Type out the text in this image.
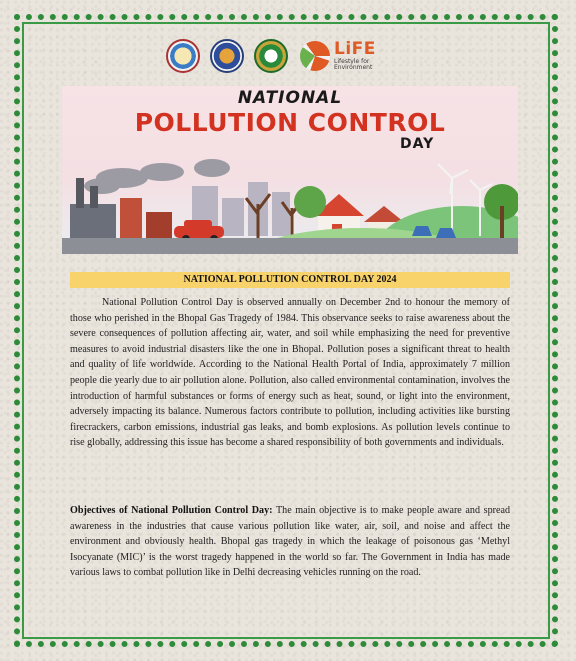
LiFE
Lifestyle for Environment
NATIONAL
POLLUTION CONTROL
DAY
NATIONAL POLLUTION CONTROL DAY 2024

National Pollution Control Day is observed annually on December 2nd to honour the memory of those who perished in the Bhopal Gas Tragedy of 1984. This observance seeks to raise awareness about the severe consequences of pollution affecting air, water, and soil while emphasizing the need for preventive measures to avoid industrial disasters like the one in Bhopal. Pollution poses a significant threat to health and quality of life worldwide. According to the National Health Portal of India, approximately 7 million people die yearly due to air pollution alone. Pollution, also called environmental contamination, involves the introduction of harmful substances or forms of energy such as heat, sound, or light into the environment, adversely impacting its balance. Numerous factors contribute to pollution, including activities like bursting firecrackers, carbon emissions, industrial gas leaks, and bomb explosions. As pollution levels continue to rise globally, addressing this issue has become a shared responsibility of both governments and individuals.

Objectives of National Pollution Control Day: The main objective is to make people aware and spread awareness in the industries that cause various pollution like water, air, soil, and noise and affect the environment and obviously health. Bhopal gas tragedy in which the leakage of poisonous gas ‘Methyl Isocyanate (MIC)’ is the worst tragedy happened in the world so far. The Government in India has made various laws to combat pollution like in Delhi decreasing vehicles running on the road.
